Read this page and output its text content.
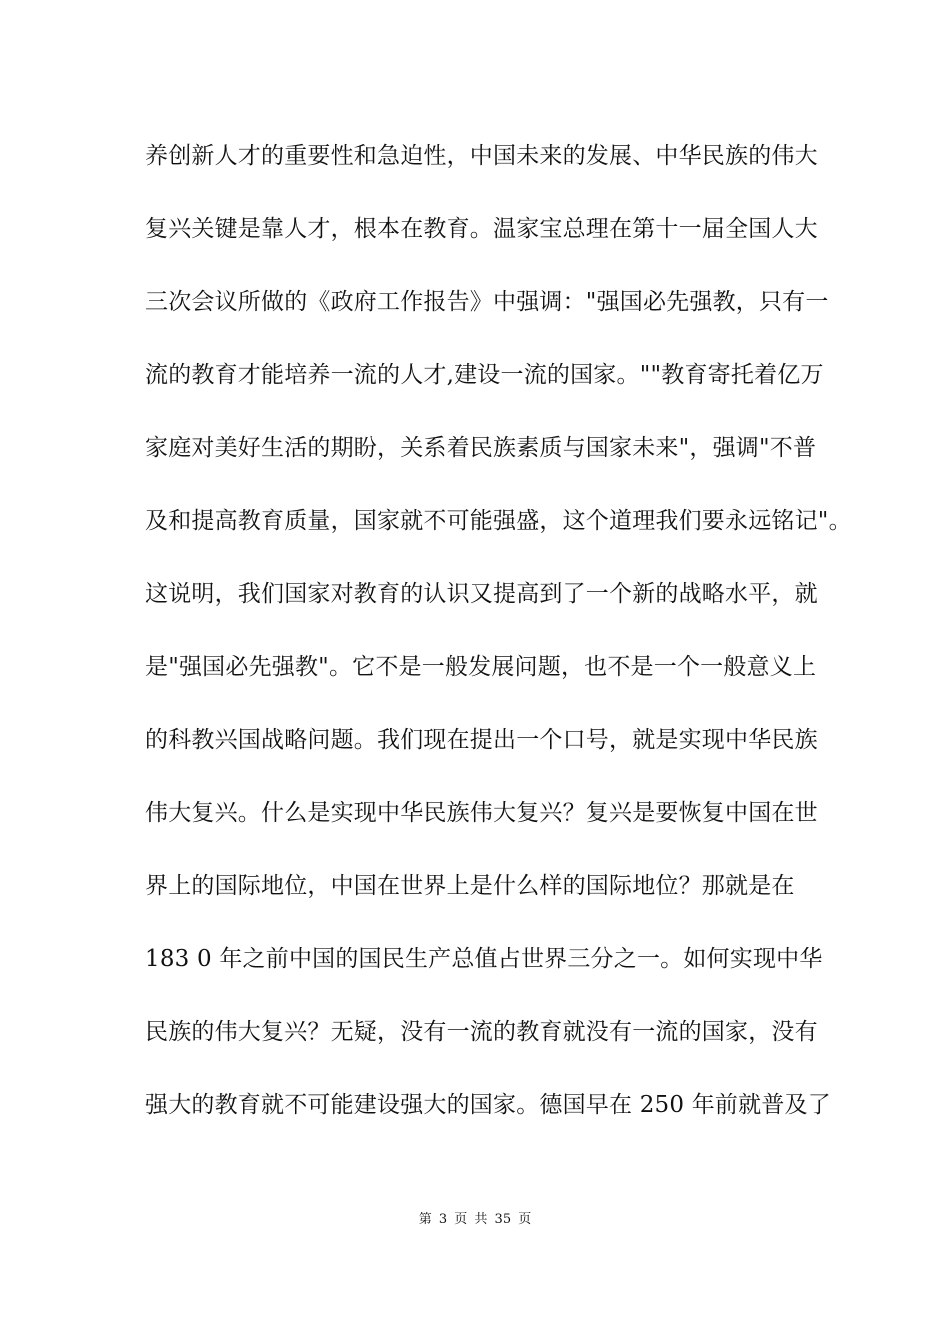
养创新人才的重要性和急迫性，中国未来的发展、中华民族的伟大
复兴关键是靠人才，根本在教育。温家宝总理在第十一届全国人大
三次会议所做的《政府工作报告》中强调："强国必先强教，只有一
流的教育才能培养一流的人才,建设一流的国家。""教育寄托着亿万
家庭对美好生活的期盼，关系着民族素质与国家未来"，强调"不普
及和提高教育质量，国家就不可能强盛，这个道理我们要永远铭记"。
这说明，我们国家对教育的认识又提高到了一个新的战略水平，就
是"强国必先强教"。它不是一般发展问题，也不是一个一般意义上
的科教兴国战略问题。我们现在提出一个口号，就是实现中华民族
伟大复兴。什么是实现中华民族伟大复兴？复兴是要恢复中国在世
界上的国际地位，中国在世界上是什么样的国际地位？那就是在
183 0 年之前中国的国民生产总值占世界三分之一。如何实现中华
民族的伟大复兴？无疑，没有一流的教育就没有一流的国家，没有
强大的教育就不可能建设强大的国家。德国早在 250 年前就普及了
第 3 页 共 35 页
